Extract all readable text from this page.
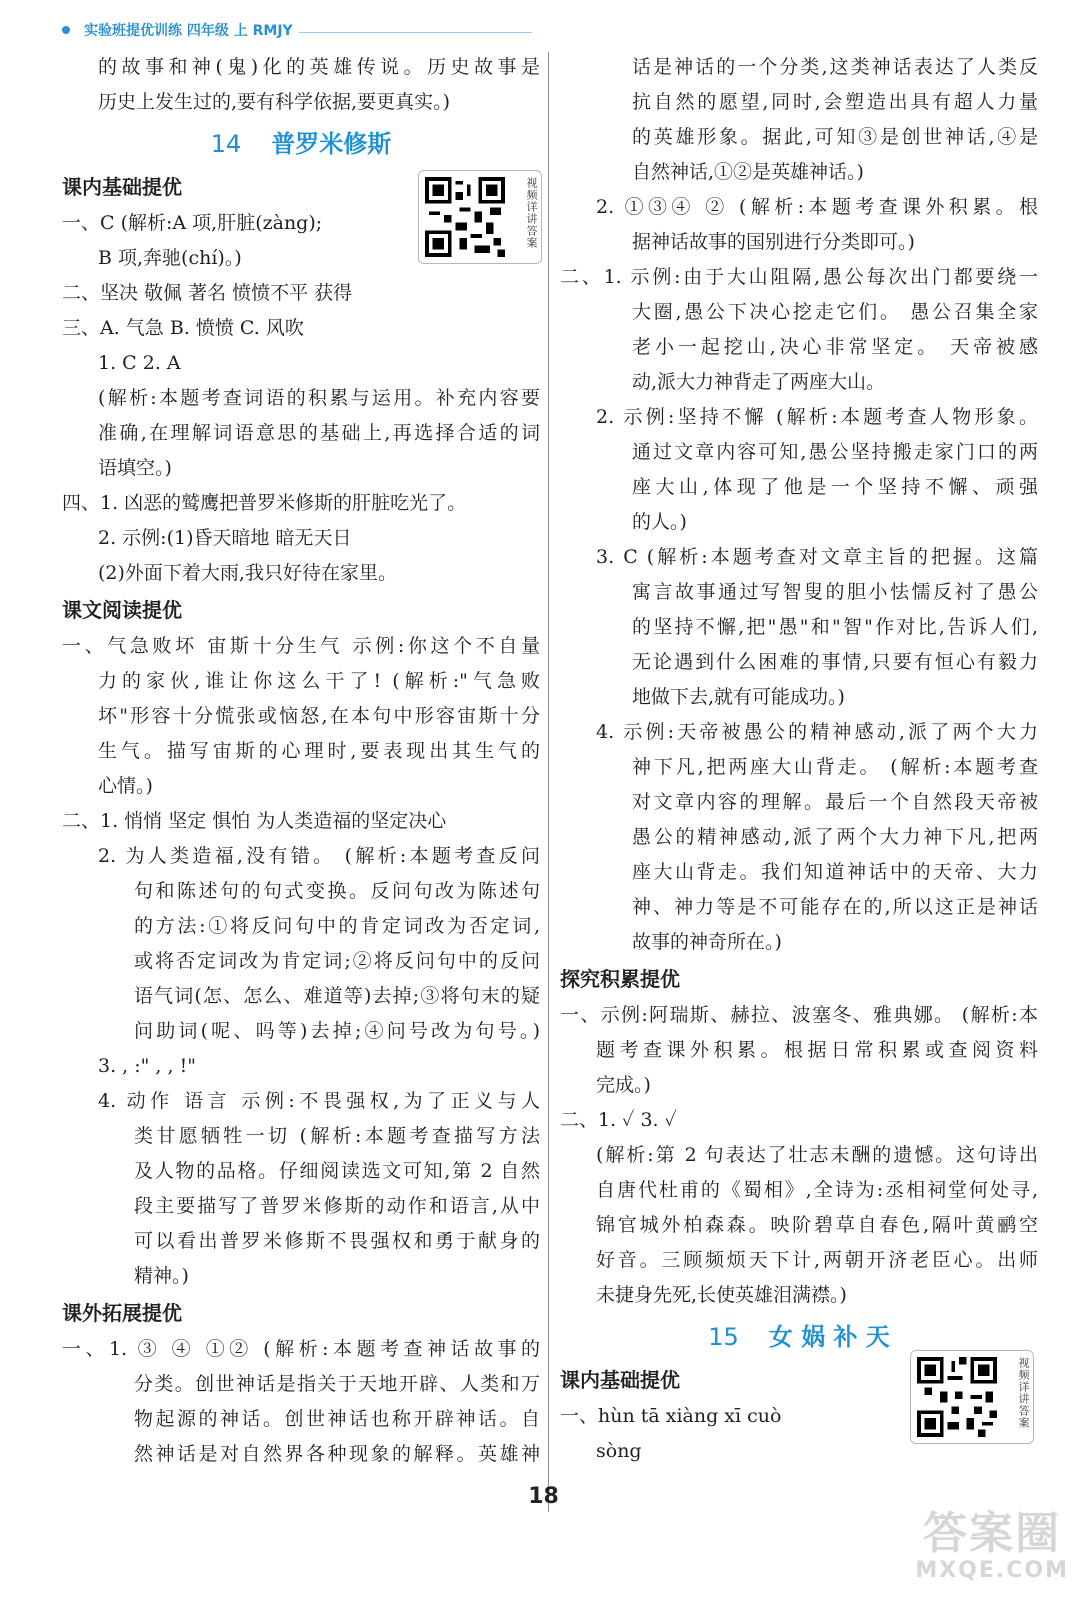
实验班提优训练 四年级 上 RMJY
的故事和神(鬼)化的英雄传说。历史故事是
历史上发生过的,要有科学依据,要更真实。)
14 普罗米修斯
课内基础提优
一、C (解析:A 项,肝脏(zàng);
B 项,奔驰(chí)。)
二、坚决 敬佩 著名 愤愤不平 获得
三、A. 气急 B. 愤愤 C. 风吹
1. C 2. A
(解析:本题考查词语的积累与运用。补充内容要
准确,在理解词语意思的基础上,再选择合适的词
语填空。)
四、1. 凶恶的鹫鹰把普罗米修斯的肝脏吃光了。
2. 示例:(1)昏天暗地 暗无天日
(2)外面下着大雨,我只好待在家里。
课文阅读提优
一、气急败坏 宙斯十分生气 示例:你这个不自量
力的家伙,谁让你这么干了! (解析:"气急败
坏"形容十分慌张或恼怒,在本句中形容宙斯十分
生气。描写宙斯的心理时,要表现出其生气的
心情。)
二、1. 悄悄 坚定 惧怕 为人类造福的坚定决心
2. 为人类造福,没有错。 (解析:本题考查反问
句和陈述句的句式变换。反问句改为陈述句
的方法:①将反问句中的肯定词改为否定词,
或将否定词改为肯定词;②将反问句中的反问
语气词(怎、怎么、难道等)去掉;③将句末的疑
问助词(呢、吗等)去掉;④问号改为句号。)
3. , :" , , !"
4. 动作 语言 示例:不畏强权,为了正义与人
类甘愿牺牲一切 (解析:本题考查描写方法
及人物的品格。仔细阅读选文可知,第 2 自然
段主要描写了普罗米修斯的动作和语言,从中
可以看出普罗米修斯不畏强权和勇于献身的
精神。)
课外拓展提优
一、1. ③ ④ ①② (解析:本题考查神话故事的
分类。创世神话是指关于天地开辟、人类和万
物起源的神话。创世神话也称开辟神话。自
然神话是对自然界各种现象的解释。英雄神
视频详讲答案
话是神话的一个分类,这类神话表达了人类反
抗自然的愿望,同时,会塑造出具有超人力量
的英雄形象。据此,可知③是创世神话,④是
自然神话,①②是英雄神话。)
2. ①③④ ② (解析:本题考查课外积累。根
据神话故事的国别进行分类即可。)
二、1. 示例:由于大山阻隔,愚公每次出门都要绕一
大圈,愚公下决心挖走它们。 愚公召集全家
老小一起挖山,决心非常坚定。 天帝被感
动,派大力神背走了两座大山。
2. 示例:坚持不懈 (解析:本题考查人物形象。
通过文章内容可知,愚公坚持搬走家门口的两
座大山,体现了他是一个坚持不懈、顽强
的人。)
3. C (解析:本题考查对文章主旨的把握。这篇
寓言故事通过写智叟的胆小怯懦反衬了愚公
的坚持不懈,把"愚"和"智"作对比,告诉人们,
无论遇到什么困难的事情,只要有恒心有毅力
地做下去,就有可能成功。)
4. 示例:天帝被愚公的精神感动,派了两个大力
神下凡,把两座大山背走。 (解析:本题考查
对文章内容的理解。最后一个自然段天帝被
愚公的精神感动,派了两个大力神下凡,把两
座大山背走。我们知道神话中的天帝、大力
神、神力等是不可能存在的,所以这正是神话
故事的神奇所在。)
探究积累提优
一、示例:阿瑞斯、赫拉、波塞冬、雅典娜。 (解析:本
题考查课外积累。根据日常积累或查阅资料
完成。)
二、1. ✓ 3. ✓
(解析:第 2 句表达了壮志未酬的遗憾。这句诗出
自唐代杜甫的《蜀相》,全诗为:丞相祠堂何处寻,
锦官城外柏森森。映阶碧草自春色,隔叶黄鹂空
好音。三顾频烦天下计,两朝开济老臣心。出师
未捷身先死,长使英雄泪满襟。)
15 女 娲 补 天
课内基础提优
一、hùn tā xiàng xī cuò
sòng
视频详讲答案
18
答案圈
MXQE.COM
